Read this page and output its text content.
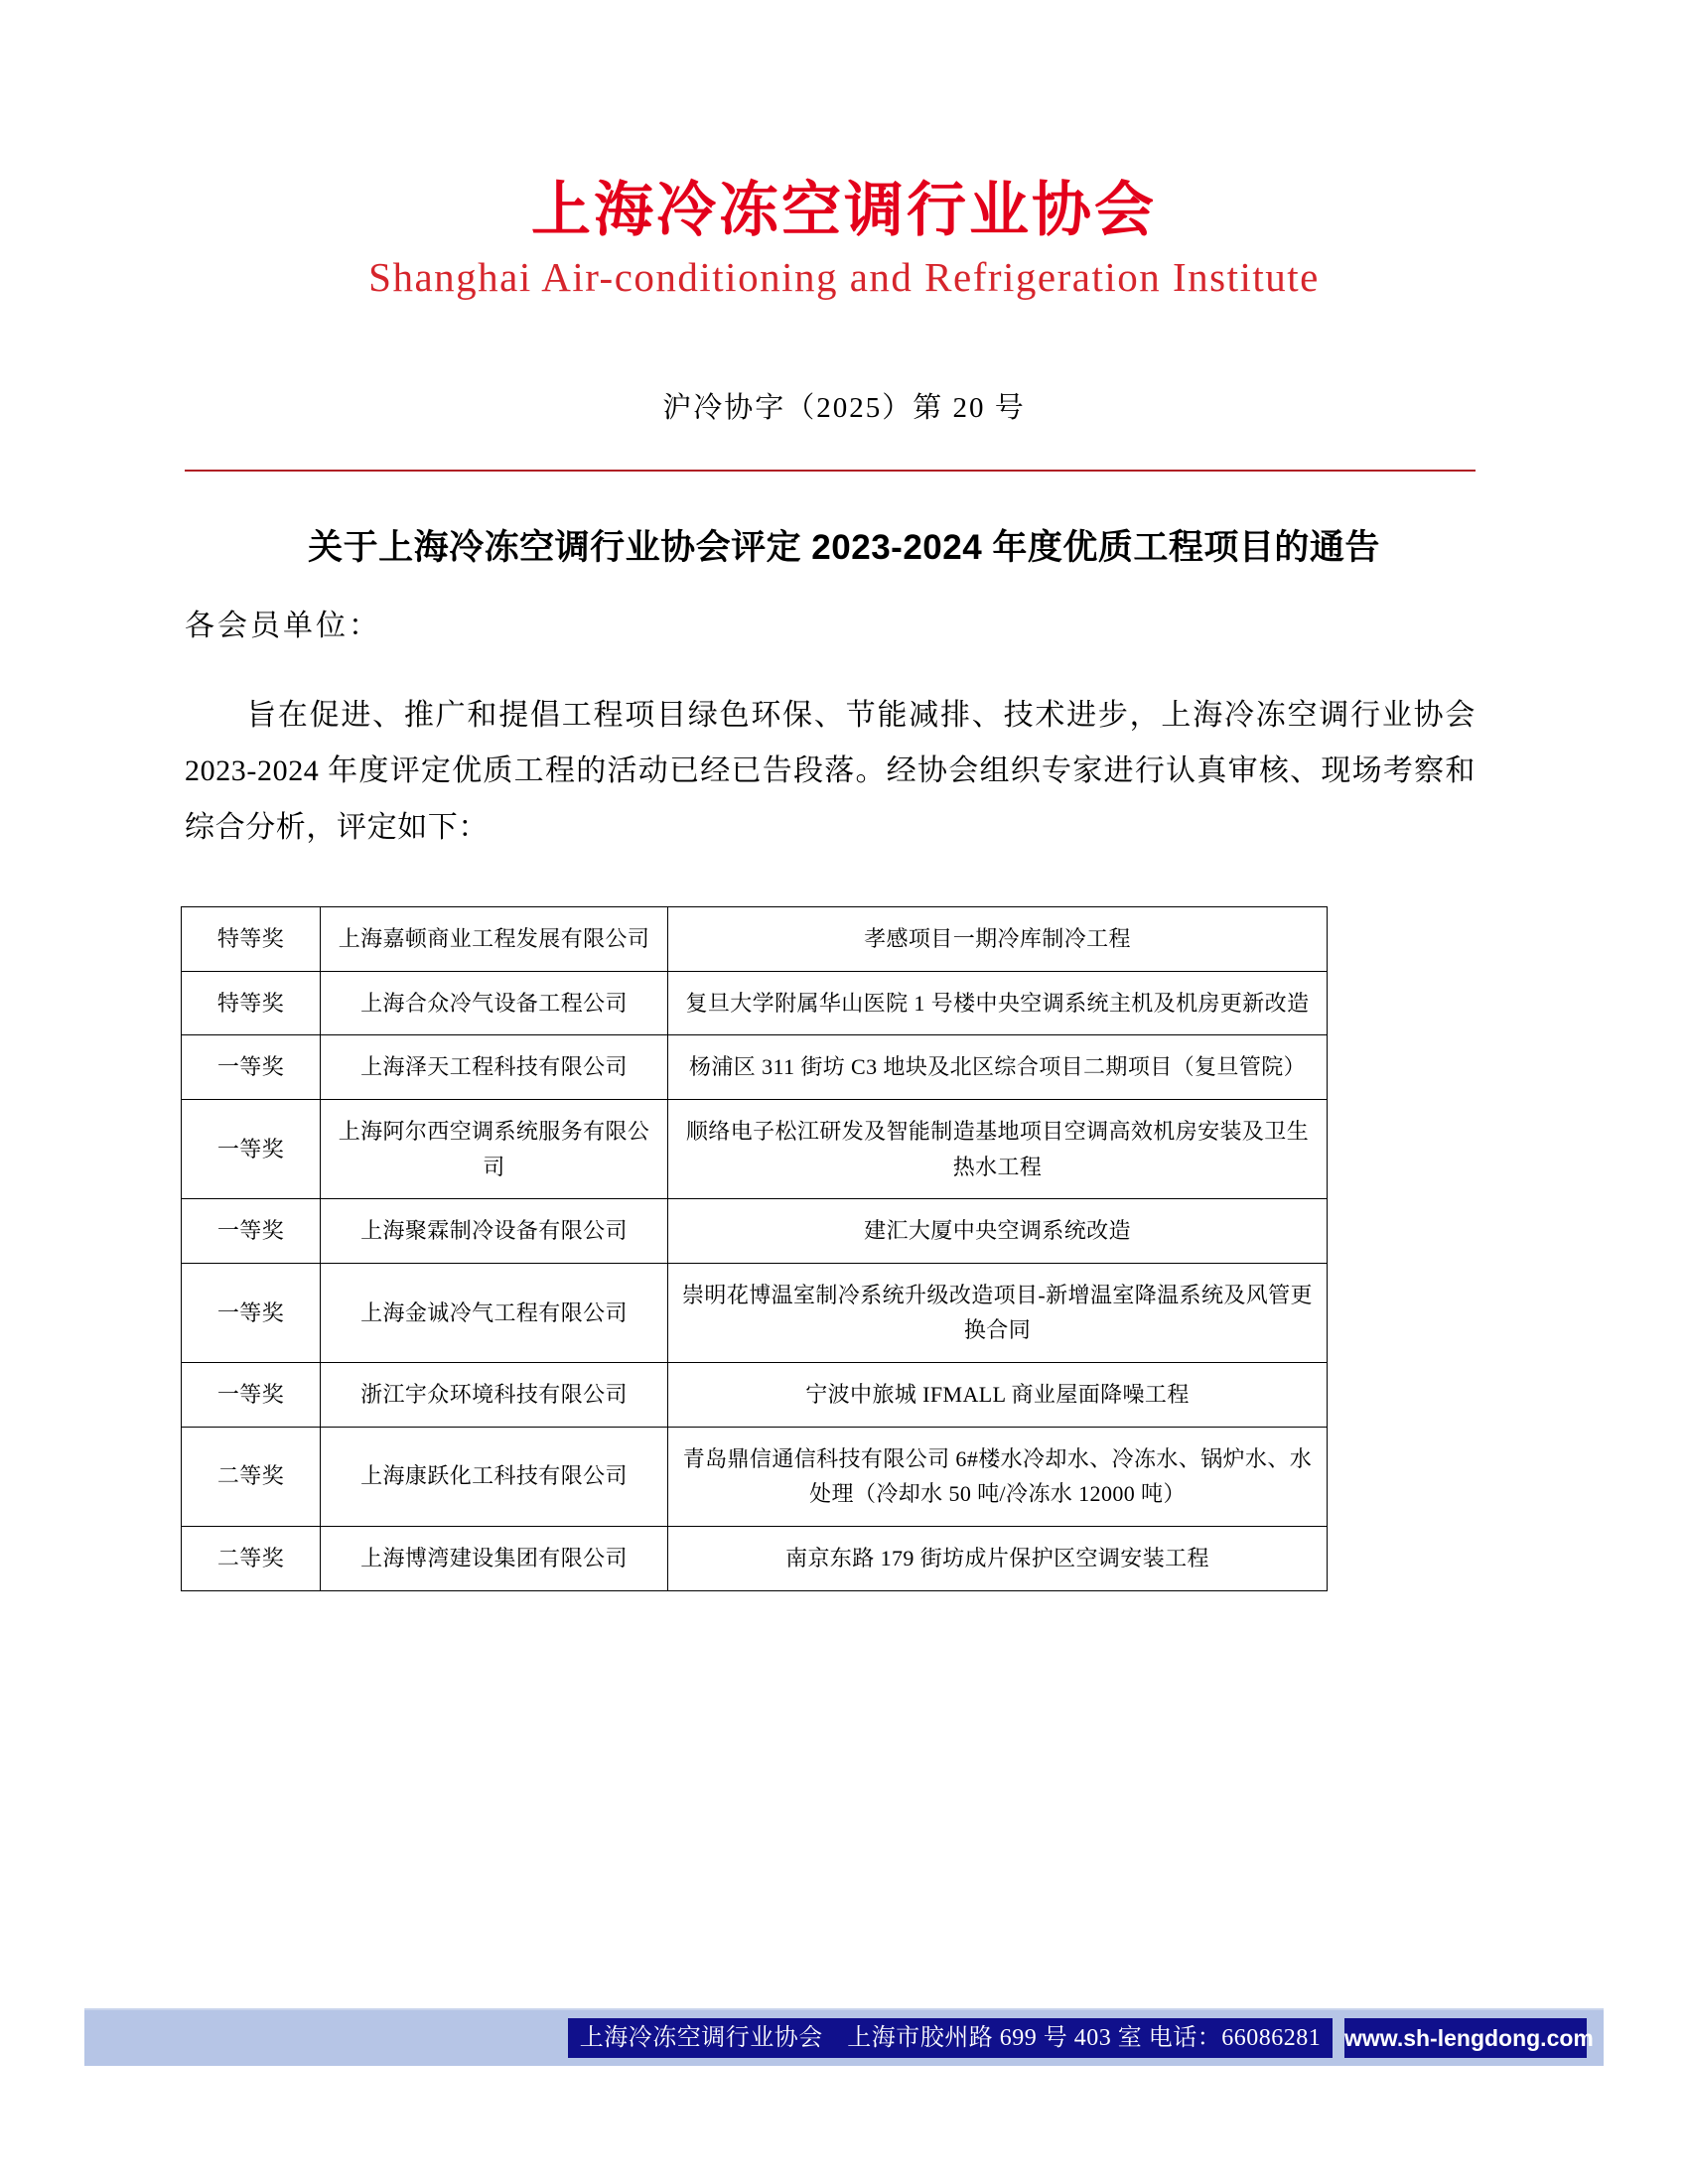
上海冷冻空调行业协会
Shanghai Air-conditioning and Refrigeration Institute
沪冷协字（2025）第 20 号
关于上海冷冻空调行业协会评定 2023-2024 年度优质工程项目的通告
各会员单位：
旨在促进、推广和提倡工程项目绿色环保、节能减排、技术进步，上海冷冻空调行业协会 2023-2024 年度评定优质工程的活动已经已告段落。经协会组织专家进行认真审核、现场考察和综合分析，评定如下：
特等奖	上海嘉顿商业工程发展有限公司	孝感项目一期冷库制冷工程
特等奖	上海合众冷气设备工程公司	复旦大学附属华山医院 1 号楼中央空调系统主机及机房更新改造
一等奖	上海泽天工程科技有限公司	杨浦区 311 街坊 C3 地块及北区综合项目二期项目（复旦管院）
一等奖	上海阿尔西空调系统服务有限公司	顺络电子松江研发及智能制造基地项目空调高效机房安装及卫生热水工程
一等奖	上海聚霖制冷设备有限公司	建汇大厦中央空调系统改造
一等奖	上海金诚冷气工程有限公司	崇明花博温室制冷系统升级改造项目-新增温室降温系统及风管更换合同
一等奖	浙江宇众环境科技有限公司	宁波中旅城 IFMALL 商业屋面降噪工程
二等奖	上海康跃化工科技有限公司	青岛鼎信通信科技有限公司 6#楼水冷却水、冷冻水、锅炉水、水处理（冷却水 50 吨/冷冻水 12000 吨）
二等奖	上海博湾建设集团有限公司	南京东路 179 街坊成片保护区空调安装工程
上海冷冻空调行业协会　上海市胶州路 699 号 403 室 电话：66086281	www.sh-lengdong.com
